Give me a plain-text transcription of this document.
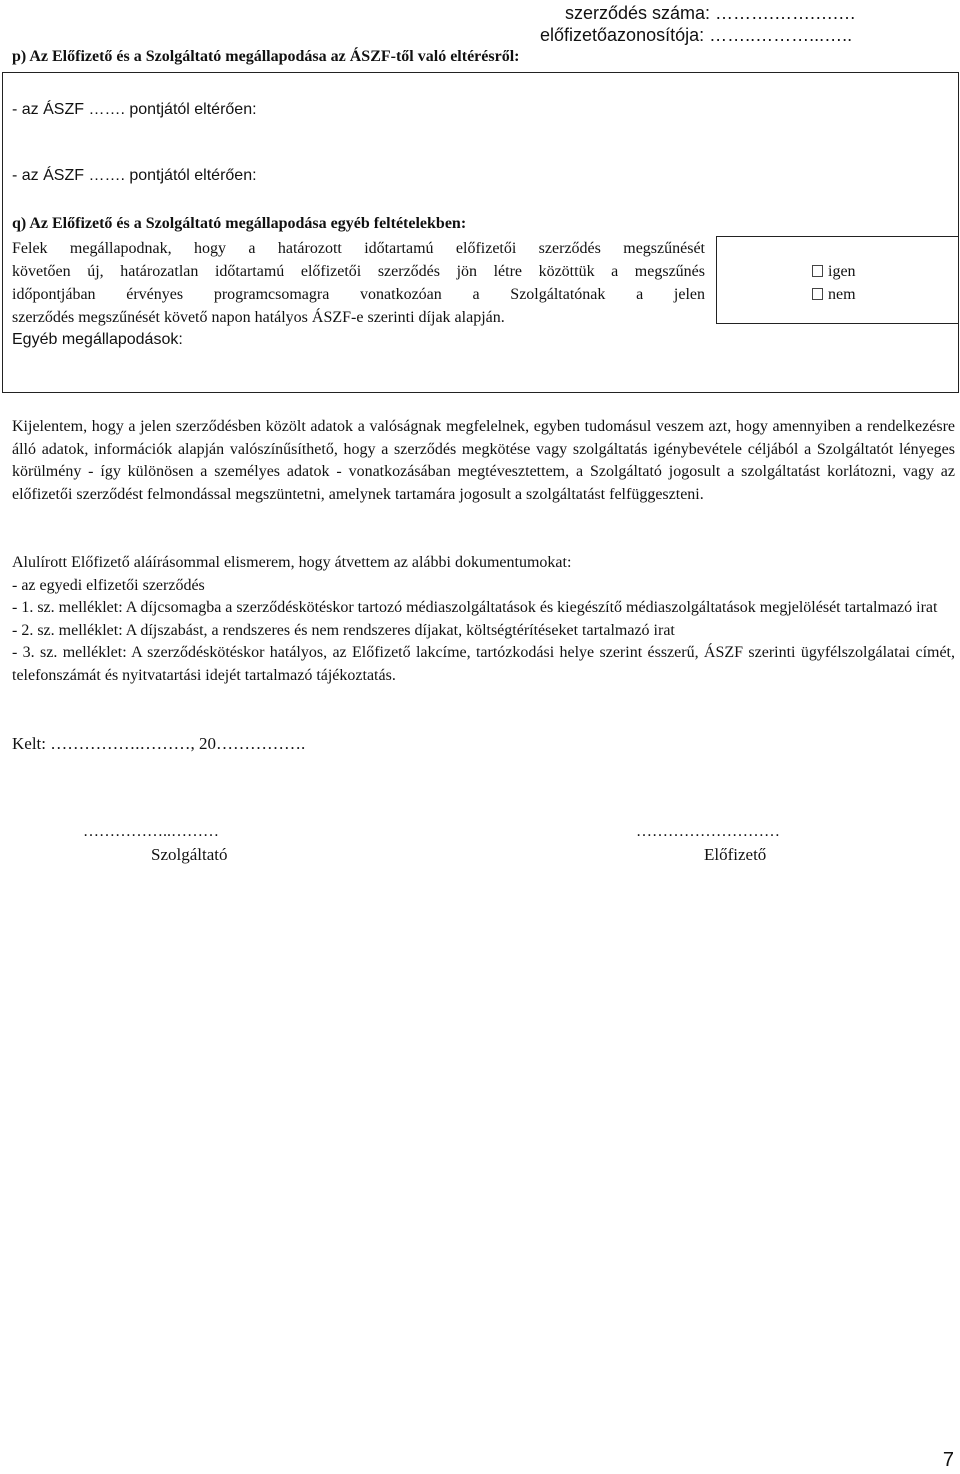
szerződés száma: ……….…….….…
előfizetőazonosítója: ……..………...…..
p) Az Előfizető és a Szolgáltató megállapodása az ÁSZF-től való eltérésről:
- az ÁSZF ……. pontjától eltérően:
- az ÁSZF ……. pontjától eltérően:
q) Az Előfizető és a Szolgáltató megállapodása egyéb feltételekben:
Felek megállapodnak, hogy a határozott időtartamú előfizetői szerződés megszűnését
követően új, határozatlan időtartamú előfizetői szerződés jön létre közöttük a megszűnés
időpontjában érvényes programcsomagra vonatkozóan a Szolgáltatónak a jelen
szerződés megszűnését követő napon hatályos ÁSZF-e szerinti díjak alapján.
igen
nem
Egyéb megállapodások:
Kijelentem, hogy a jelen szerződésben közölt adatok a valóságnak megfelelnek, egyben tudomásul veszem azt, hogy amennyiben a rendelkezésre álló adatok, információk alapján valószínűsíthető, hogy a szerződés megkötése vagy szolgáltatás igénybevétele céljából a Szolgáltatót lényeges körülmény - így különösen a személyes adatok - vonatkozásában megtévesztettem, a Szolgáltató jogosult a szolgáltatást korlátozni, vagy az előfizetői szerződést felmondással megszüntetni, amelynek tartamára jogosult a szolgáltatást felfüggeszteni.
Alulírott Előfizető aláírásommal elismerem, hogy átvettem az alábbi dokumentumokat:
- az egyedi elfizetői szerződés
- 1. sz. melléklet: A díjcsomagba a szerződéskötéskor tartozó médiaszolgáltatások és kiegészítő médiaszolgáltatások megjelölését tartalmazó irat
- 2. sz. melléklet: A díjszabást, a rendszeres és nem rendszeres díjakat, költségtérítéseket tartalmazó irat
- 3. sz. melléklet: A szerződéskötéskor hatályos, az Előfizető lakcíme, tartózkodási helye szerint ésszerű, ÁSZF szerinti ügyfélszolgálatai címét, telefonszámát és nyitvatartási idejét tartalmazó tájékoztatás.
Kelt: …………….………, 20…………….
……………..………
Szolgáltató
………………………
Előfizető
7
